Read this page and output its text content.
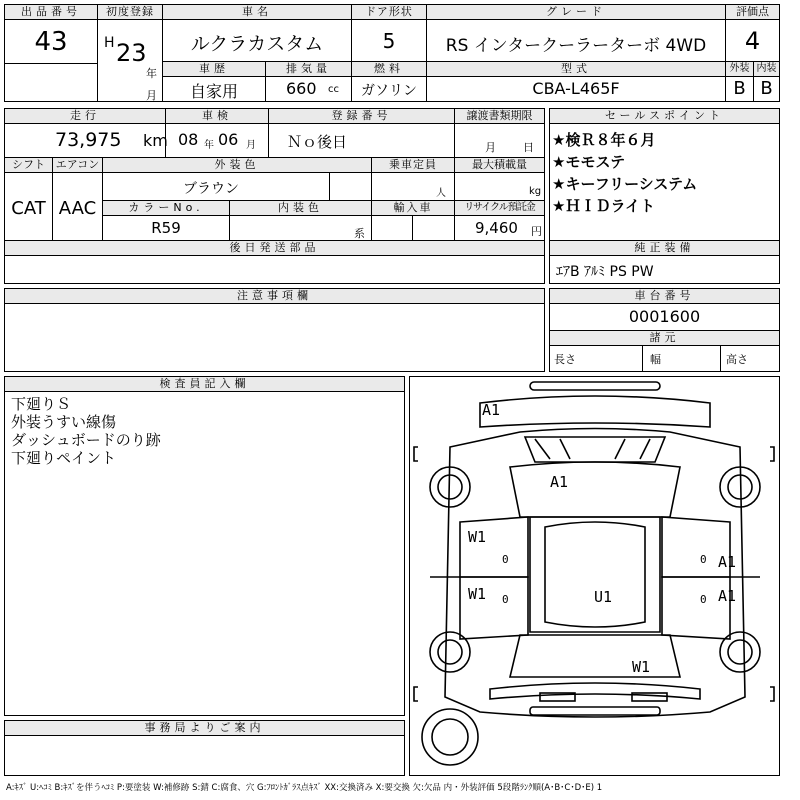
出品番号
43
初度登録
H 23
年
月
車名
ルクラカスタム
ドア形状
5
グレード
RS インタークーラーターボ 4WD
評価点
4
車歴
自家用
排気量
660 cc
燃料
ガソリン
型式
CBA-L465F
外装
B
内装
B
走行
73,975 km
車検
08 年 06 月
登録番号
Ｎｏ後日
譲渡書類期限
月 日
シフト
CAT
エアコン
AAC
外装色
ブラウン
乗車定員
人
最大積載量
kg
カラーNo.
R59
内装色
系
輸入車	リサイクル預託金
9,460 円
後日発送部品
セールスポイント
★検Ｒ８年６月
★モモステ
★キーフリーシステム
★ＨＩＤライト
純正装備
ｴｱB ｱﾙﾐ PS PW
注意事項欄	車台番号
0001600
諸元
長さ	幅	高さ
検査員記入欄
下廻りＳ
外装うすい線傷
ダッシュボードのり跡
下廻りペイント
事務局よりご案内
A1
A1
W1
W1
A1
A1
U1
W1
0
0
0
0
A:ｷｽﾞ U:ﾍｺﾐ B:ｷｽﾞを伴うﾍｺﾐ P:要塗装 W:補修跡 S:錆 C:腐食、穴 G:ﾌﾛﾝﾄｶﾞﾗｽ点ｷｽﾞ XX:交換済み X:要交換 欠:欠品 内・外装評価 5段階ﾗﾝｸ順(A･B･C･D･E) 1
